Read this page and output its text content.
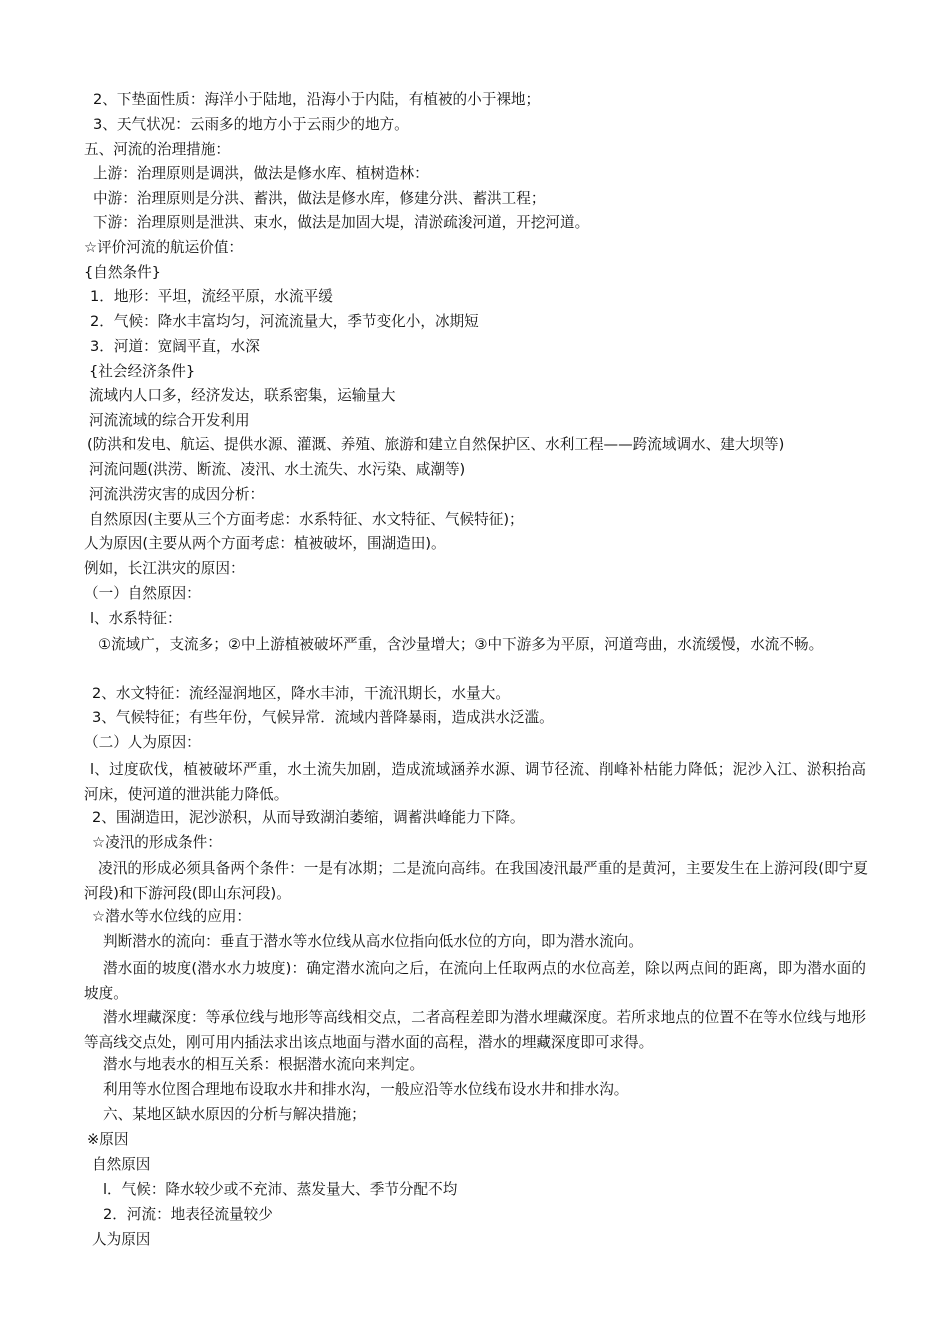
2、下垫面性质：海洋小于陆地，沿海小于内陆，有植被的小于裸地；
3、天气状况：云雨多的地方小于云雨少的地方。
五、河流的治理措施：
上游：治理原则是调洪，做法是修水库、植树造林：
中游：治理原则是分洪、蓄洪，做法是修水库，修建分洪、蓄洪工程；
下游：治理原则是泄洪、束水，做法是加固大堤，清淤疏浚河道，开挖河道。
☆评价河流的航运价值：
{自然条件}
1．地形：平坦，流经平原，水流平缓
2．气候：降水丰富均匀，河流流量大，季节变化小，冰期短
3．河道：宽阔平直，水深
{社会经济条件}
流域内人口多，经济发达，联系密集，运输量大
河流流域的综合开发利用
(防洪和发电、航运、提供水源、灌溉、养殖、旅游和建立自然保护区、水利工程——跨流域调水、建大坝等)
河流问题(洪涝、断流、凌汛、水土流失、水污染、咸潮等)
河流洪涝灾害的成因分析：
自然原因(主要从三个方面考虑：水系特征、水文特征、气候特征)；
人为原因(主要从两个方面考虑：植被破坏，围湖造田)。
例如，长江洪灾的原因：
（一）自然原因：
l、水系特征：
①流域广，支流多；②中上游植被破坏严重，含沙量增大；③中下游多为平原，河道弯曲，水流缓慢，水流不畅。
2、水文特征：流经湿润地区，降水丰沛，干流汛期长，水量大。
3、气候特征；有些年份，气候异常．流域内普降暴雨，造成洪水泛滥。
（二）人为原因：
l、过度砍伐，植被破坏严重，水土流失加剧，造成流域涵养水源、调节径流、削峰补枯能力降低；泥沙入江、淤积抬高河床，使河道的泄洪能力降低。
2、围湖造田，泥沙淤积，从而导致湖泊萎缩，调蓄洪峰能力下降。
☆凌汛的形成条件：
凌汛的形成必须具备两个条件：一是有冰期；二是流向高纬。在我国凌汛最严重的是黄河，主要发生在上游河段(即宁夏河段)和下游河段(即山东河段)。
☆潜水等水位线的应用：
判断潜水的流向：垂直于潜水等水位线从高水位指向低水位的方向，即为潜水流向。
潜水面的坡度(潜水水力坡度)：确定潜水流向之后，在流向上任取两点的水位高差，除以两点间的距离，即为潜水面的坡度。
潜水埋藏深度：等承位线与地形等高线相交点，二者高程差即为潜水埋藏深度。若所求地点的位置不在等水位线与地形等高线交点处，刚可用内插法求出该点地面与潜水面的高程，潜水的埋藏深度即可求得。
潜水与地表水的相互关系：根据潜水流向来判定。
利用等水位图合理地布设取水井和排水沟，一般应沿等水位线布设水井和排水沟。
六、某地区缺水原因的分析与解决措施；
※原因
自然原因
l．气候：降水较少或不充沛、蒸发量大、季节分配不均
2．河流：地表径流量较少
人为原因
